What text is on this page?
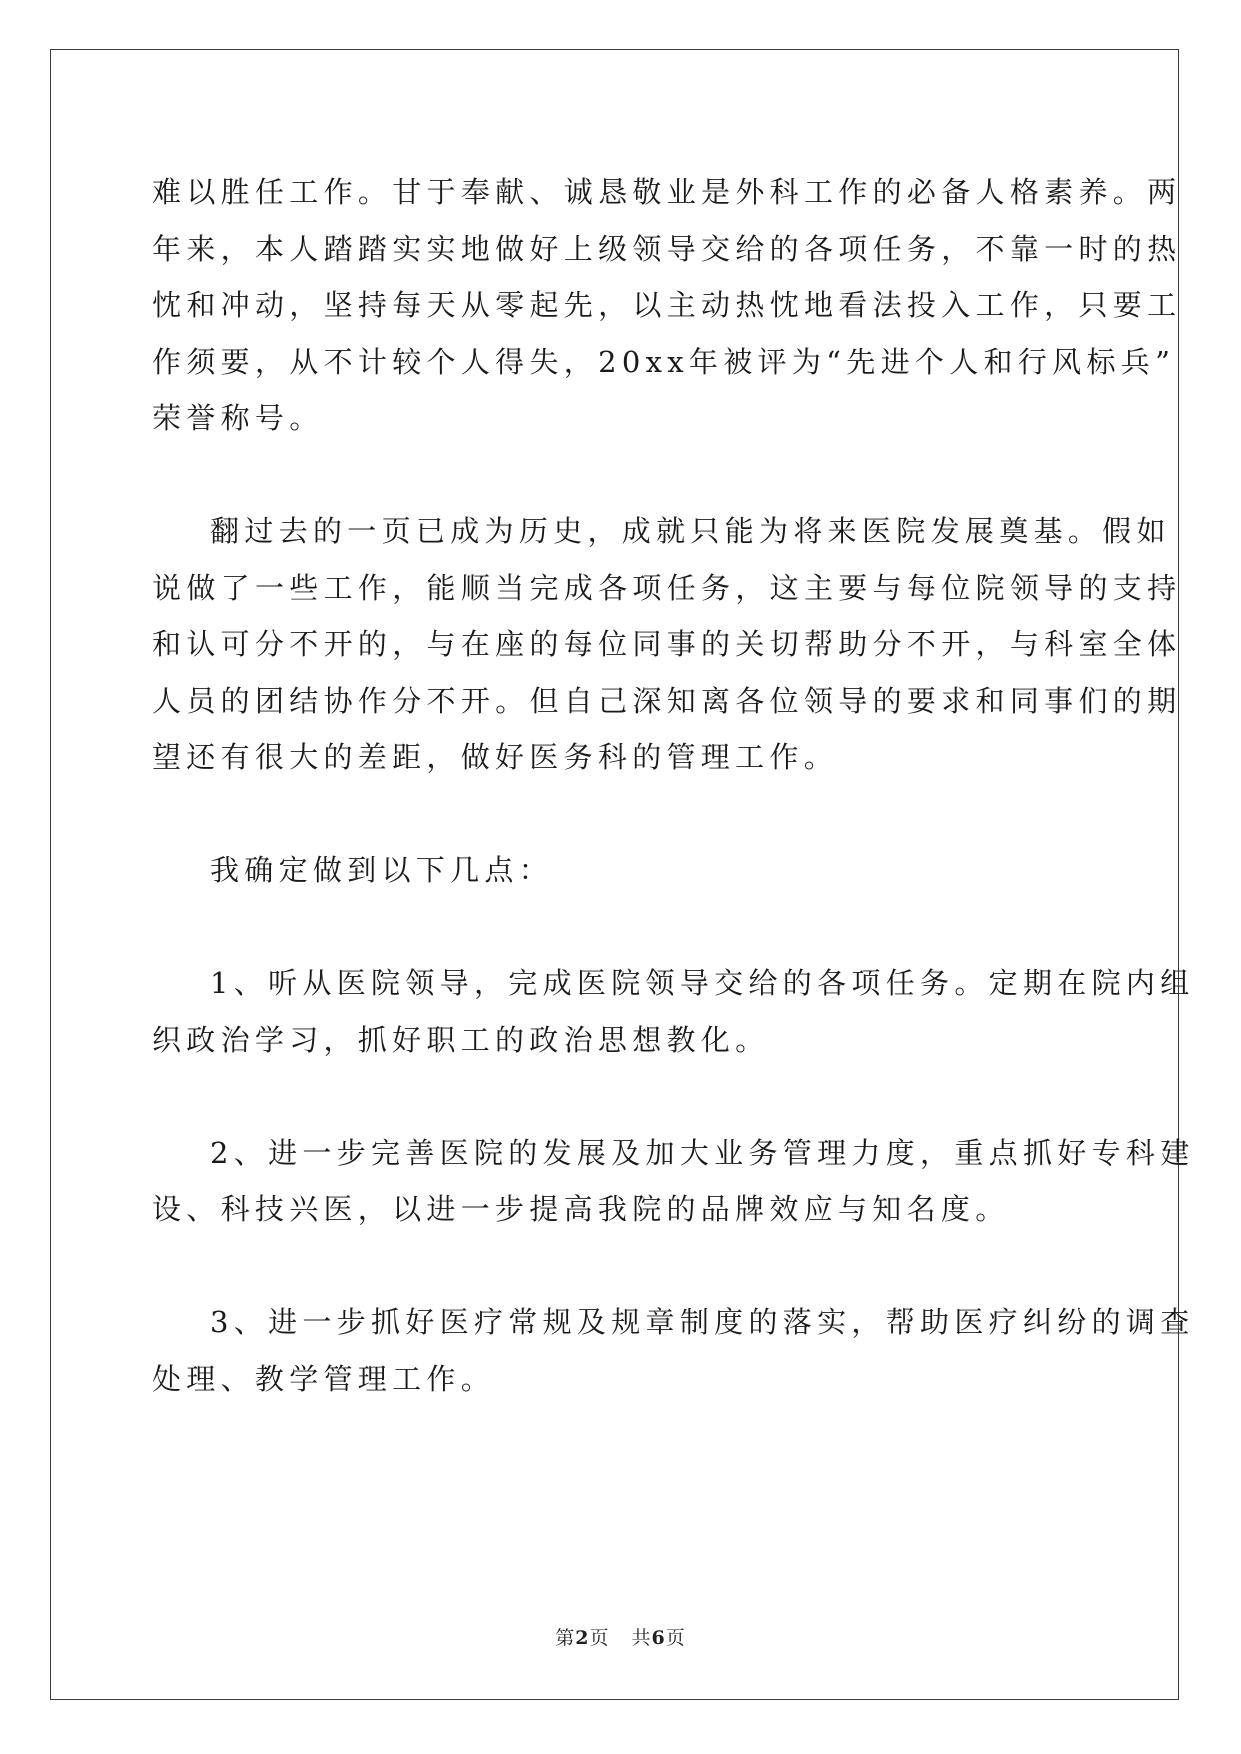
难 以 胜 任 工 作 。 甘 于 奉 献 、 诚 恳 敬 业 是 外 科 工 作 的 必 备 人 格 素 养 。 两
年 来 ， 本 人 踏 踏 实 实 地 做 好 上 级 领 导 交 给 的 各 项 任 务 ， 不 靠 一 时 的 热
忱 和 冲 动 ， 坚 持 每 天 从 零 起 先 ， 以 主 动 热 忱 地 看 法 投 入 工 作 ， 只 要 工
作 须 要 ， 从 不 计 较 个 人 得 失 ， 20xx 年 被 评 为 “ 先 进 个 人 和 行 风 标 兵 ”
荣誉称号。
翻 过 去 的 一 页 已 成 为 历 史 ， 成 就 只 能 为 将 来 医 院 发 展 奠 基 。 假 如
说 做 了 一 些 工 作 ， 能 顺 当 完 成 各 项 任 务 ， 这 主 要 与 每 位 院 领 导 的 支 持
和 认 可 分 不 开 的 ， 与 在 座 的 每 位 同 事 的 关 切 帮 助 分 不 开 ， 与 科 室 全 体
人 员 的 团 结 协 作 分 不 开 。 但 自 己 深 知 离 各 位 领 导 的 要 求 和 同 事 们 的 期
望还有很大的差距，做好医务科的管理工作。
我确定做到以下几点：
1 、 听 从 医 院 领 导 ， 完 成 医 院 领 导 交 给 的 各 项 任 务 。 定 期 在 院 内 组
织政治学习，抓好职工的政治思想教化。
2 、 进 一 步 完 善 医 院 的 发 展 及 加 大 业 务 管 理 力 度 ， 重 点 抓 好 专 科 建
设、科技兴医，以进一步提高我院的品牌效应与知名度。
3 、 进 一 步 抓 好 医 疗 常 规 及 规 章 制 度 的 落 实 ， 帮 助 医 疗 纠 纷 的 调 查
处理、教学管理工作。
第2页 共6页
